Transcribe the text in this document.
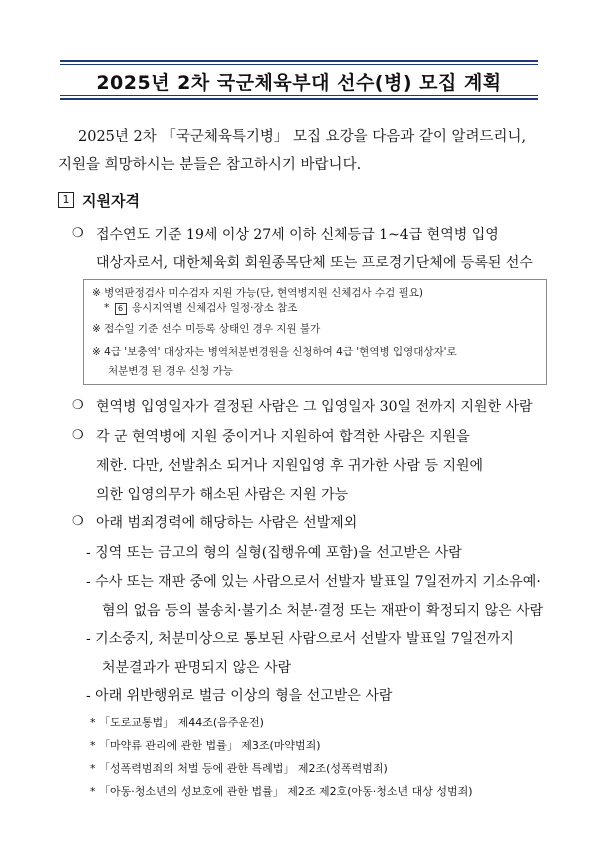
2025년 2차 국군체육부대 선수(병) 모집 계획
2025년 2차 「국군체육특기병」 모집 요강을 다음과 같이 알려드리니,
지원을 희망하시는 분들은 참고하시기 바랍니다.
1 지원자격
❍ 접수연도 기준 19세 이상 27세 이하 신체등급 1~4급 현역병 입영
대상자로서, 대한체육회 회원종목단체 또는 프로경기단체에 등록된 선수
※ 병역판정검사 미수검자 지원 가능(단, 현역병지원 신체검사 수검 필요)
* 6 응시지역별 신체검사 일정·장소 참조
※ 접수일 기준 선수 미등록 상태인 경우 지원 불가
※ 4급 '보충역' 대상자는 병역처분변경원을 신청하여 4급 '현역병 입영대상자'로
처분변경 된 경우 신청 가능
❍ 현역병 입영일자가 결정된 사람은 그 입영일자 30일 전까지 지원한 사람
❍ 각 군 현역병에 지원 중이거나 지원하여 합격한 사람은 지원을
제한. 다만, 선발취소 되거나 지원입영 후 귀가한 사람 등 지원에
의한 입영의무가 해소된 사람은 지원 가능
❍ 아래 범죄경력에 해당하는 사람은 선발제외
- 징역 또는 금고의 형의 실형(집행유예 포함)을 선고받은 사람
- 수사 또는 재판 중에 있는 사람으로서 선발자 발표일 7일전까지 기소유예·
혐의 없음 등의 불송치·불기소 처분·결정 또는 재판이 확정되지 않은 사람
- 기소중지, 처분미상으로 통보된 사람으로서 선발자 발표일 7일전까지
처분결과가 판명되지 않은 사람
- 아래 위반행위로 벌금 이상의 형을 선고받은 사람
* 「도로교통법」 제44조(음주운전)
* 「마약류 관리에 관한 법률」 제3조(마약범죄)
* 「성폭력범죄의 처벌 등에 관한 특례법」 제2조(성폭력범죄)
* 「아동·청소년의 성보호에 관한 법률」 제2조 제2호(아동·청소년 대상 성범죄)
